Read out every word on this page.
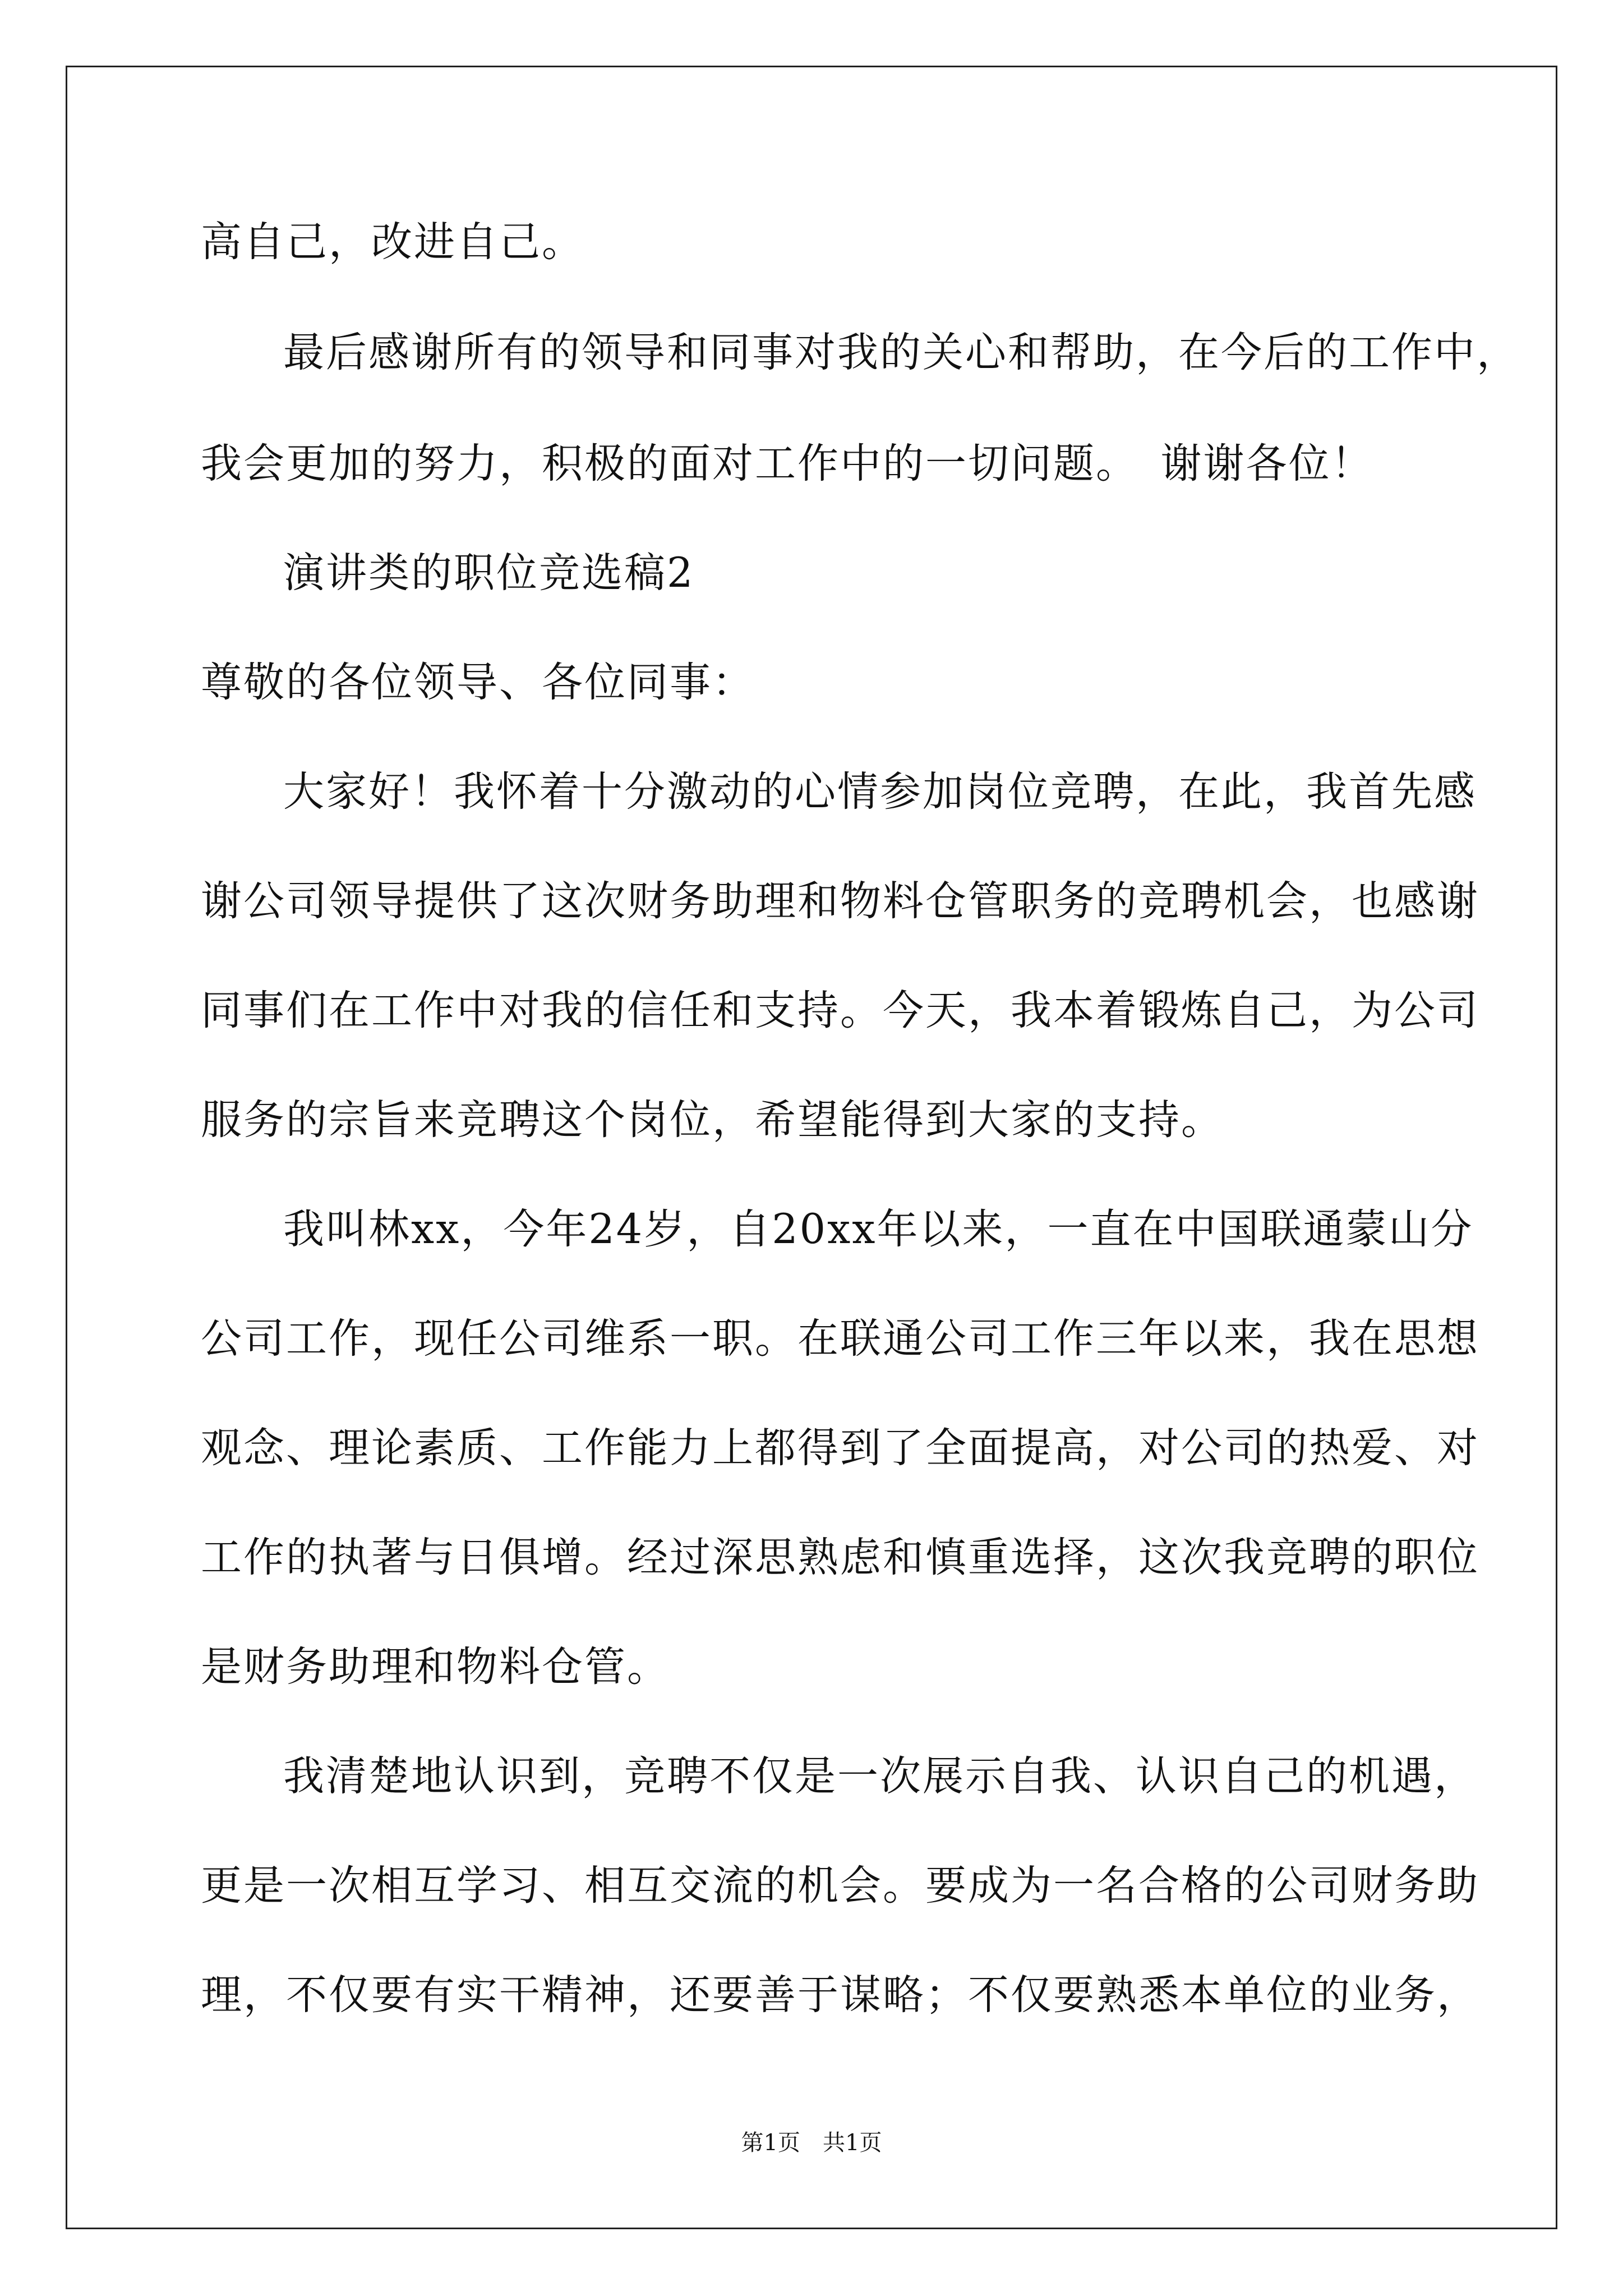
高自己，改进自己。
最后感谢所有的领导和同事对我的关心和帮助，在今后的工作中，
我会更加的努力，积极的面对工作中的一切问题。　谢谢各位！
演讲类的职位竞选稿2
尊敬的各位领导、各位同事：
大家好！我怀着十分激动的心情参加岗位竞聘，在此，我首先感
谢公司领导提供了这次财务助理和物料仓管职务的竞聘机会，也感谢
同事们在工作中对我的信任和支持。今天，我本着锻炼自己，为公司
服务的宗旨来竞聘这个岗位，希望能得到大家的支持。
我叫林xx，今年24岁，自20xx年以来，一直在中国联通蒙山分
公司工作，现任公司维系一职。在联通公司工作三年以来，我在思想
观念、理论素质、工作能力上都得到了全面提高，对公司的热爱、对
工作的执著与日俱增。经过深思熟虑和慎重选择，这次我竞聘的职位
是财务助理和物料仓管。
我清楚地认识到，竞聘不仅是一次展示自我、认识自己的机遇，
更是一次相互学习、相互交流的机会。要成为一名合格的公司财务助
理，不仅要有实干精神，还要善于谋略；不仅要熟悉本单位的业务，
第1页　共1页
